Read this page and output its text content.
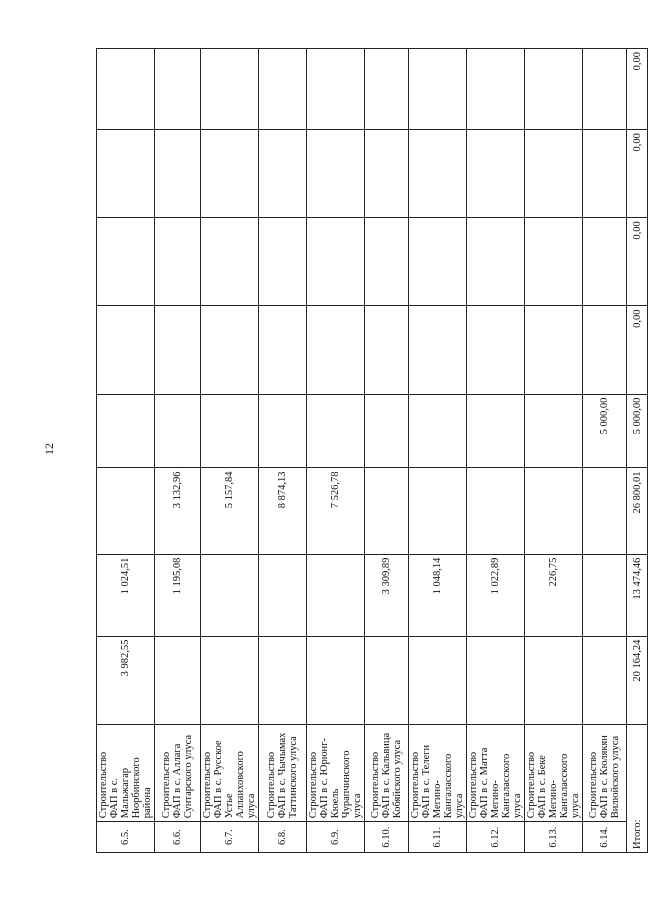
12
6.5.	Строительство ФАП в с. Мальжагар Нюрбинского района	3 982,55	1 024,51						
6.6.	Строительство ФАП в с. Аллага Сунтарского улуса		1 195,08	3 132,96					
6.7.	Строительство ФАП в с. Русское Устье Аллаиховского улуса			5 157,84					
6.8.	Строительство ФАП в с. Чычымах Таттинского улуса			8 874,13					
6.9.	Строительство ФАП в с. Юрюнг-Кюель Чурапчинского улуса			7 526,78					
6.10.	Строительство ФАП в с. Кальвица Кобяйского улуса		3 309,89						
6.11.	Строительство ФАП в с. Телеги Мегино-Кангаласского улуса		1 048,14						
6.12.	Строительство ФАП в с. Матта Мегино-Кангаласского улуса		1 022,89						
6.13.	Строительство ФАП в с. Беке Мегино-Кангаласского улуса		226,75						
6.14.	Строительство ФАП в с. Кюлякян Вилюйского улуса				5 000,00				
Итого:		20 164,24	13 474,46	26 800,01	5 000,00	0,00	0,00	0,00	0,00
